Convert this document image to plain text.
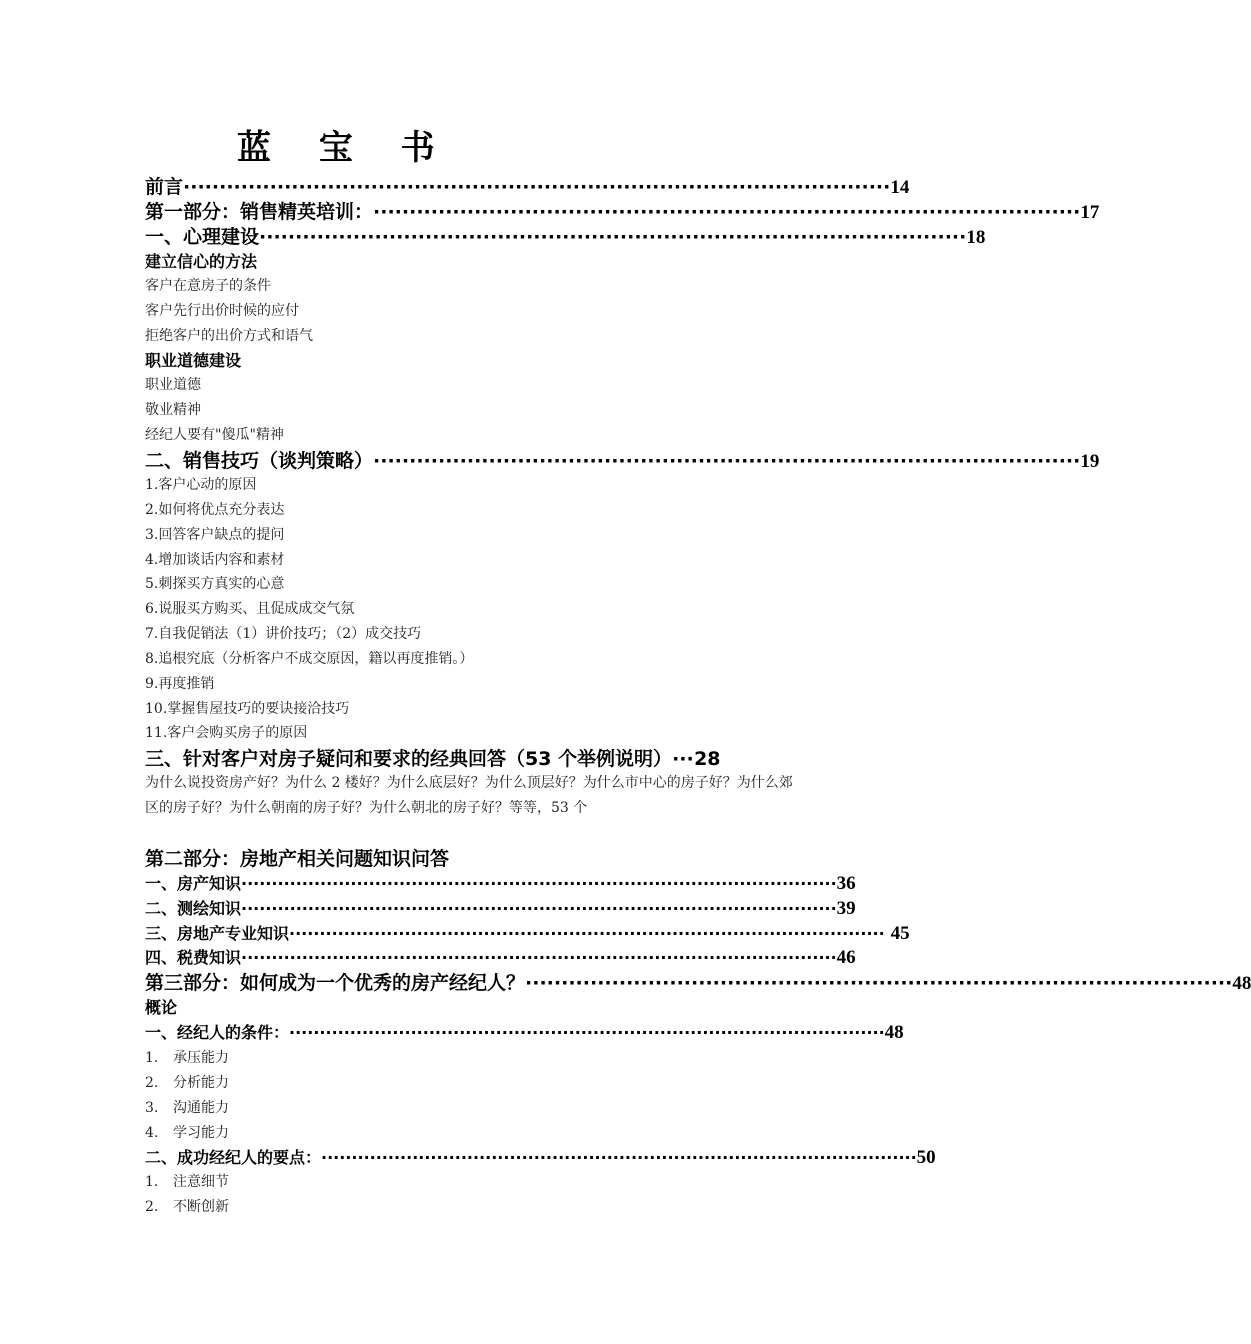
蓝 宝 书
前言 ·································································································· 14
第一部分：销售精英培训： ·································································································· 17
一、心理建设 ·································································································· 18
建立信心的方法
客户在意房子的条件
客户先行出价时候的应付
拒绝客户的出价方式和语气
职业道德建设
职业道德
敬业精神
经纪人要有"傻瓜"精神
二、销售技巧（谈判策略） ·································································································· 19
1.客户心动的原因
2.如何将优点充分表达
3.回答客户缺点的提问
4.增加谈话内容和素材
5.刺探买方真实的心意
6.说服买方购买、且促成成交气氛
7.自我促销法（1）讲价技巧；（2）成交技巧
8.追根究底（分析客户不成交原因，籍以再度推销。）
9.再度推销
10.掌握售屋技巧的要诀接洽技巧
11.客户会购买房子的原因
三、针对客户对房子疑问和要求的经典回答（53 个举例说明） ··· 28
为什么说投资房产好？为什么 2 楼好？为什么底层好？为什么顶层好？为什么市中心的房子好？为什么郊区的房子好？为什么朝南的房子好？为什么朝北的房子好？等等，53 个
第二部分：房地产相关问题知识问答
一、房产知识 ·································································································· 36
二、测绘知识 ·································································································· 39
三、房地产专业知识 ·································································································· 45
四、税费知识 ·································································································· 46
第三部分：如何成为一个优秀的房产经纪人？ ·································································································· 48
概论
一、经纪人的条件： ·································································································· 48
1. 承压能力
2. 分析能力
3. 沟通能力
4. 学习能力
二、成功经纪人的要点： ·································································································· 50
1. 注意细节
2. 不断创新
